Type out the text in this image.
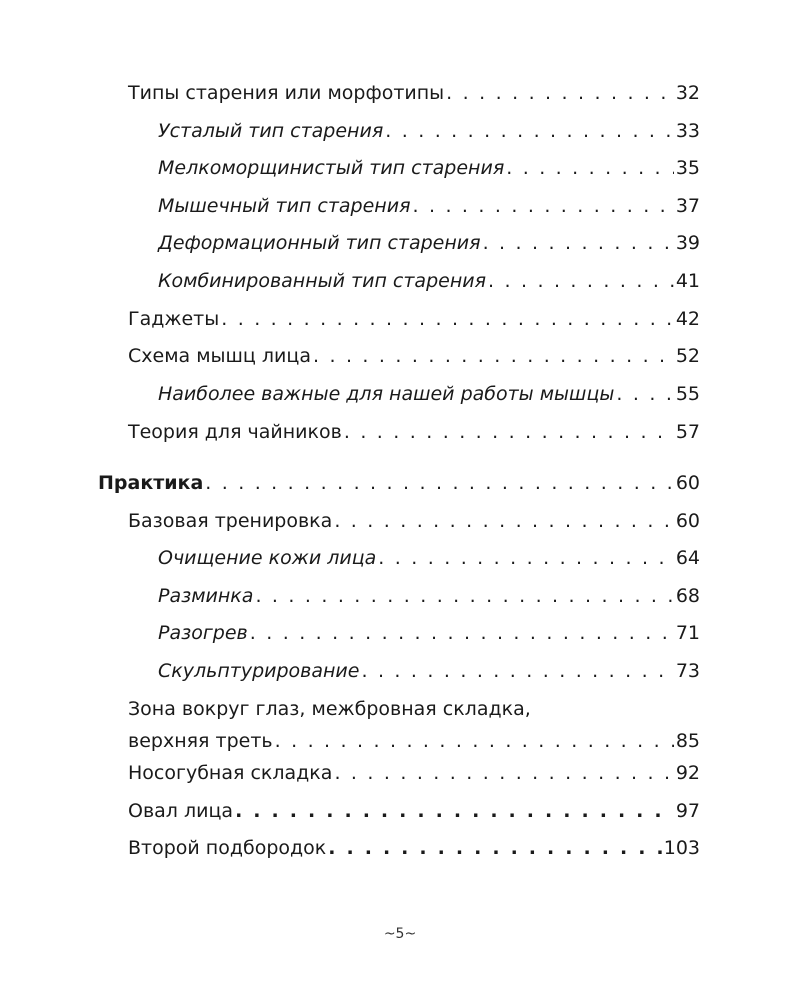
Типы старения или морфотипы . . .	32
Усталый тип старения . . .	33
Мелкоморщинистый тип старения . . .	35
Мышечный тип старения . . .	37
Деформационный тип старения . . .	39
Комбинированный тип старения . . .	41
Гаджеты . . .	42
Схема мышц лица . . .	52
Наиболее важные для нашей работы мышцы . . .	55
Теория для чайников . . .	57
Практика . . .	60
Базовая тренировка . . .	60
Очищение кожи лица . . .	64
Разминка . . .	68
Разогрев . . .	71
Скульптурирование . . .	73
Зона вокруг глаз, межбровная складка,
верхняя треть . . .	85
Носогубная складка . . .	92
Овал лица . . .	97
Второй подбородок . . .	103
~5~
